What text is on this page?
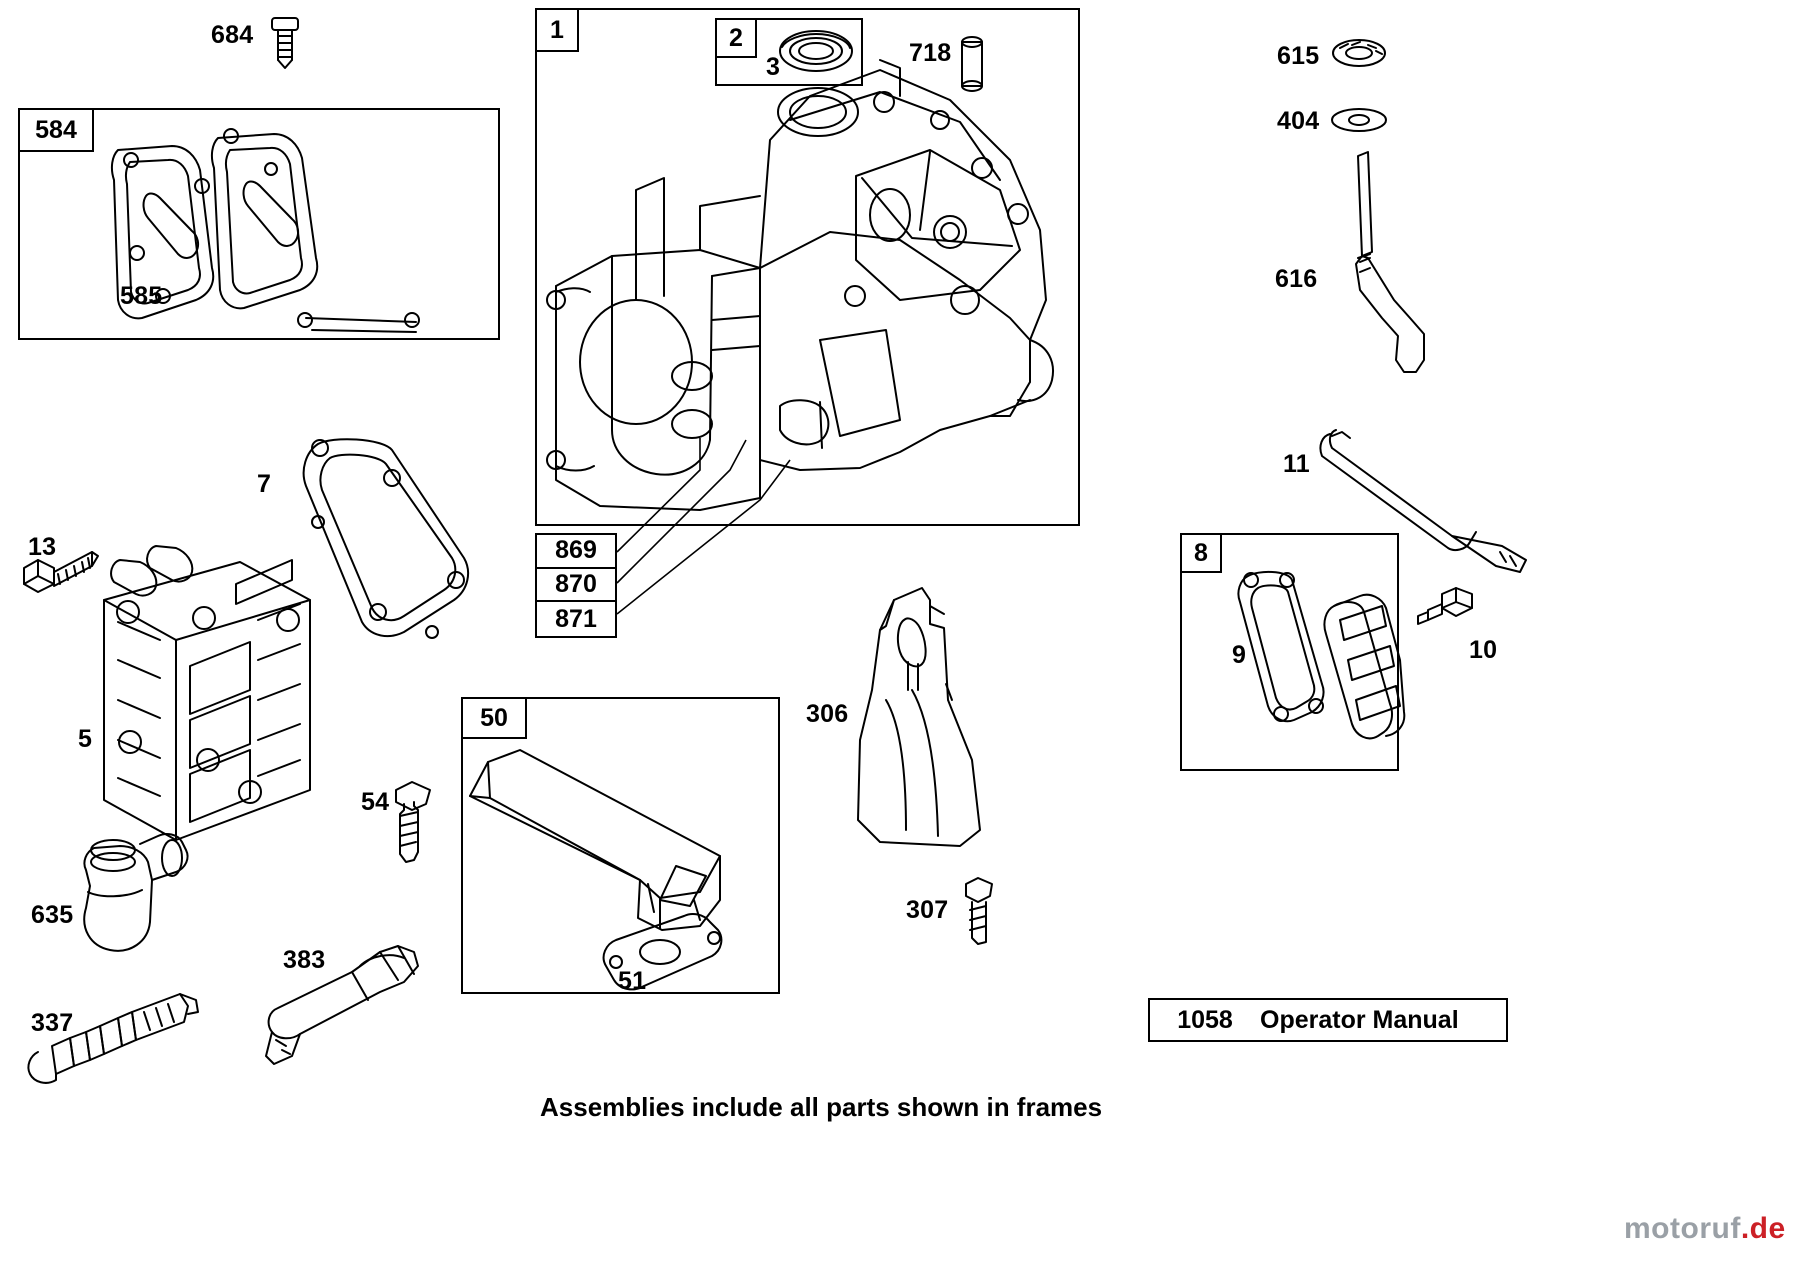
584
1	2
50
8
869
870
871
684
585
3	718	615
404
616
11
7
13
5
9	10
54
306
307
635
383
51
337	1058	Operator Manual
Assemblies include all parts shown in frames
motoruf.de
